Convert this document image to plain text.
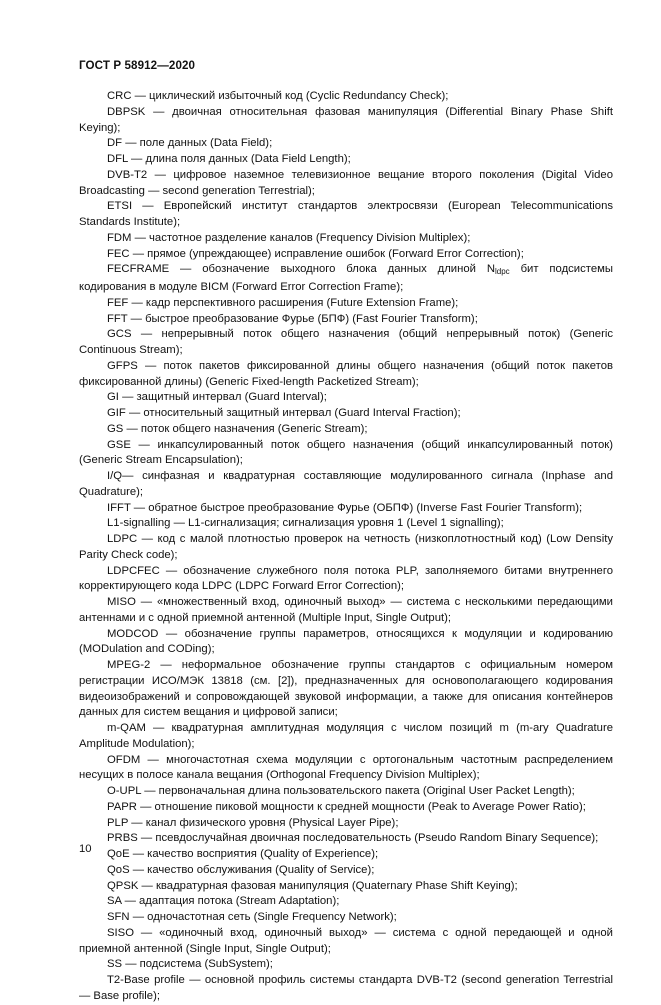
ГОСТ Р 58912—2020

CRC — циклический избыточный код (Cyclic Redundancy Check);

DBPSK — двоичная относительная фазовая манипуляция (Differential Binary Phase Shift Keying);

DF — поле данных (Data Field);

DFL — длина поля данных (Data Field Length);

DVB-T2 — цифровое наземное телевизионное вещание второго поколения (Digital Video Broadcasting — second generation Terrestrial);

ETSI — Европейский институт стандартов электросвязи (European Telecommunications Standards Institute);

FDM — частотное разделение каналов (Frequency Division Multiplex);

FEC — прямое (упреждающее) исправление ошибок (Forward Error Correction);

FECFRAME — обозначение выходного блока данных длиной $N_{ldpc}$ бит подсистемы кодирования в модуле BICM (Forward Error Correction Frame);

FEF — кадр перспективного расширения (Future Extension Frame);

FFT — быстрое преобразование Фурье (БПФ) (Fast Fourier Transform);

GCS — непрерывный поток общего назначения (общий непрерывный поток) (Generic Continuous Stream);

GFPS — поток пакетов фиксированной длины общего назначения (общий поток пакетов фиксированной длины) (Generic Fixed-length Packetized Stream);

GI — защитный интервал (Guard Interval);

GIF — относительный защитный интервал (Guard Interval Fraction);

GS — поток общего назначения (Generic Stream);

GSE — инкапсулированный поток общего назначения (общий инкапсулированный поток) (Generic Stream Encapsulation);

I/Q— синфазная и квадратурная составляющие модулированного сигнала (Inphase and Quadrature);

IFFT — обратное быстрое преобразование Фурье (ОБПФ) (Inverse Fast Fourier Transform);

L1-signalling — L1-сигнализация; сигнализация уровня 1 (Level 1 signalling);

LDPC — код с малой плотностью проверок на четность (низкоплотностный код) (Low Density Parity Check code);

LDPCFEC — обозначение служебного поля потока PLP, заполняемого битами внутреннего корректирующего кода LDPC (LDPC Forward Error Correction);

MISO — «множественный вход, одиночный выход» — система с несколькими передающими антеннами и с одной приемной антенной (Multiple Input, Single Output);

MODCOD — обозначение группы параметров, относящихся к модуляции и кодированию (MODulation and CODing);

MPEG-2 — неформальное обозначение группы стандартов с официальным номером регистрации ИСО/МЭК 13818 (см. [2]), предназначенных для основополагающего кодирования видеоизображений и сопровождающей звуковой информации, а также для описания контейнеров данных для систем вещания и цифровой записи;

m-QAM — квадратурная амплитудная модуляция с числом позиций m (m-ary Quadrature Amplitude Modulation);

OFDM — многочастотная схема модуляции с ортогональным частотным распределением несущих в полосе канала вещания (Orthogonal Frequency Division Multiplex);

O-UPL — первоначальная длина пользовательского пакета (Original User Packet Length);

PAPR — отношение пиковой мощности к средней мощности (Peak to Average Power Ratio);

PLP — канал физического уровня (Physical Layer Pipe);

PRBS — псевдослучайная двоичная последовательность (Pseudo Random Binary Sequence);

QoE — качество восприятия (Quality of Experience);

QoS — качество обслуживания (Quality of Service);

QPSK — квадратурная фазовая манипуляция (Quaternary Phase Shift Keying);

SA — адаптация потока (Stream Adaptation);

SFN — одночастотная сеть (Single Frequency Network);

SISO — «одиночный вход, одиночный выход» — система с одной передающей и одной приемной антенной (Single Input, Single Output);

SS — подсистема (SubSystem);

T2-Base profile — основной профиль системы стандарта DVB-T2 (second generation Terrestrial — Base profile);

10
